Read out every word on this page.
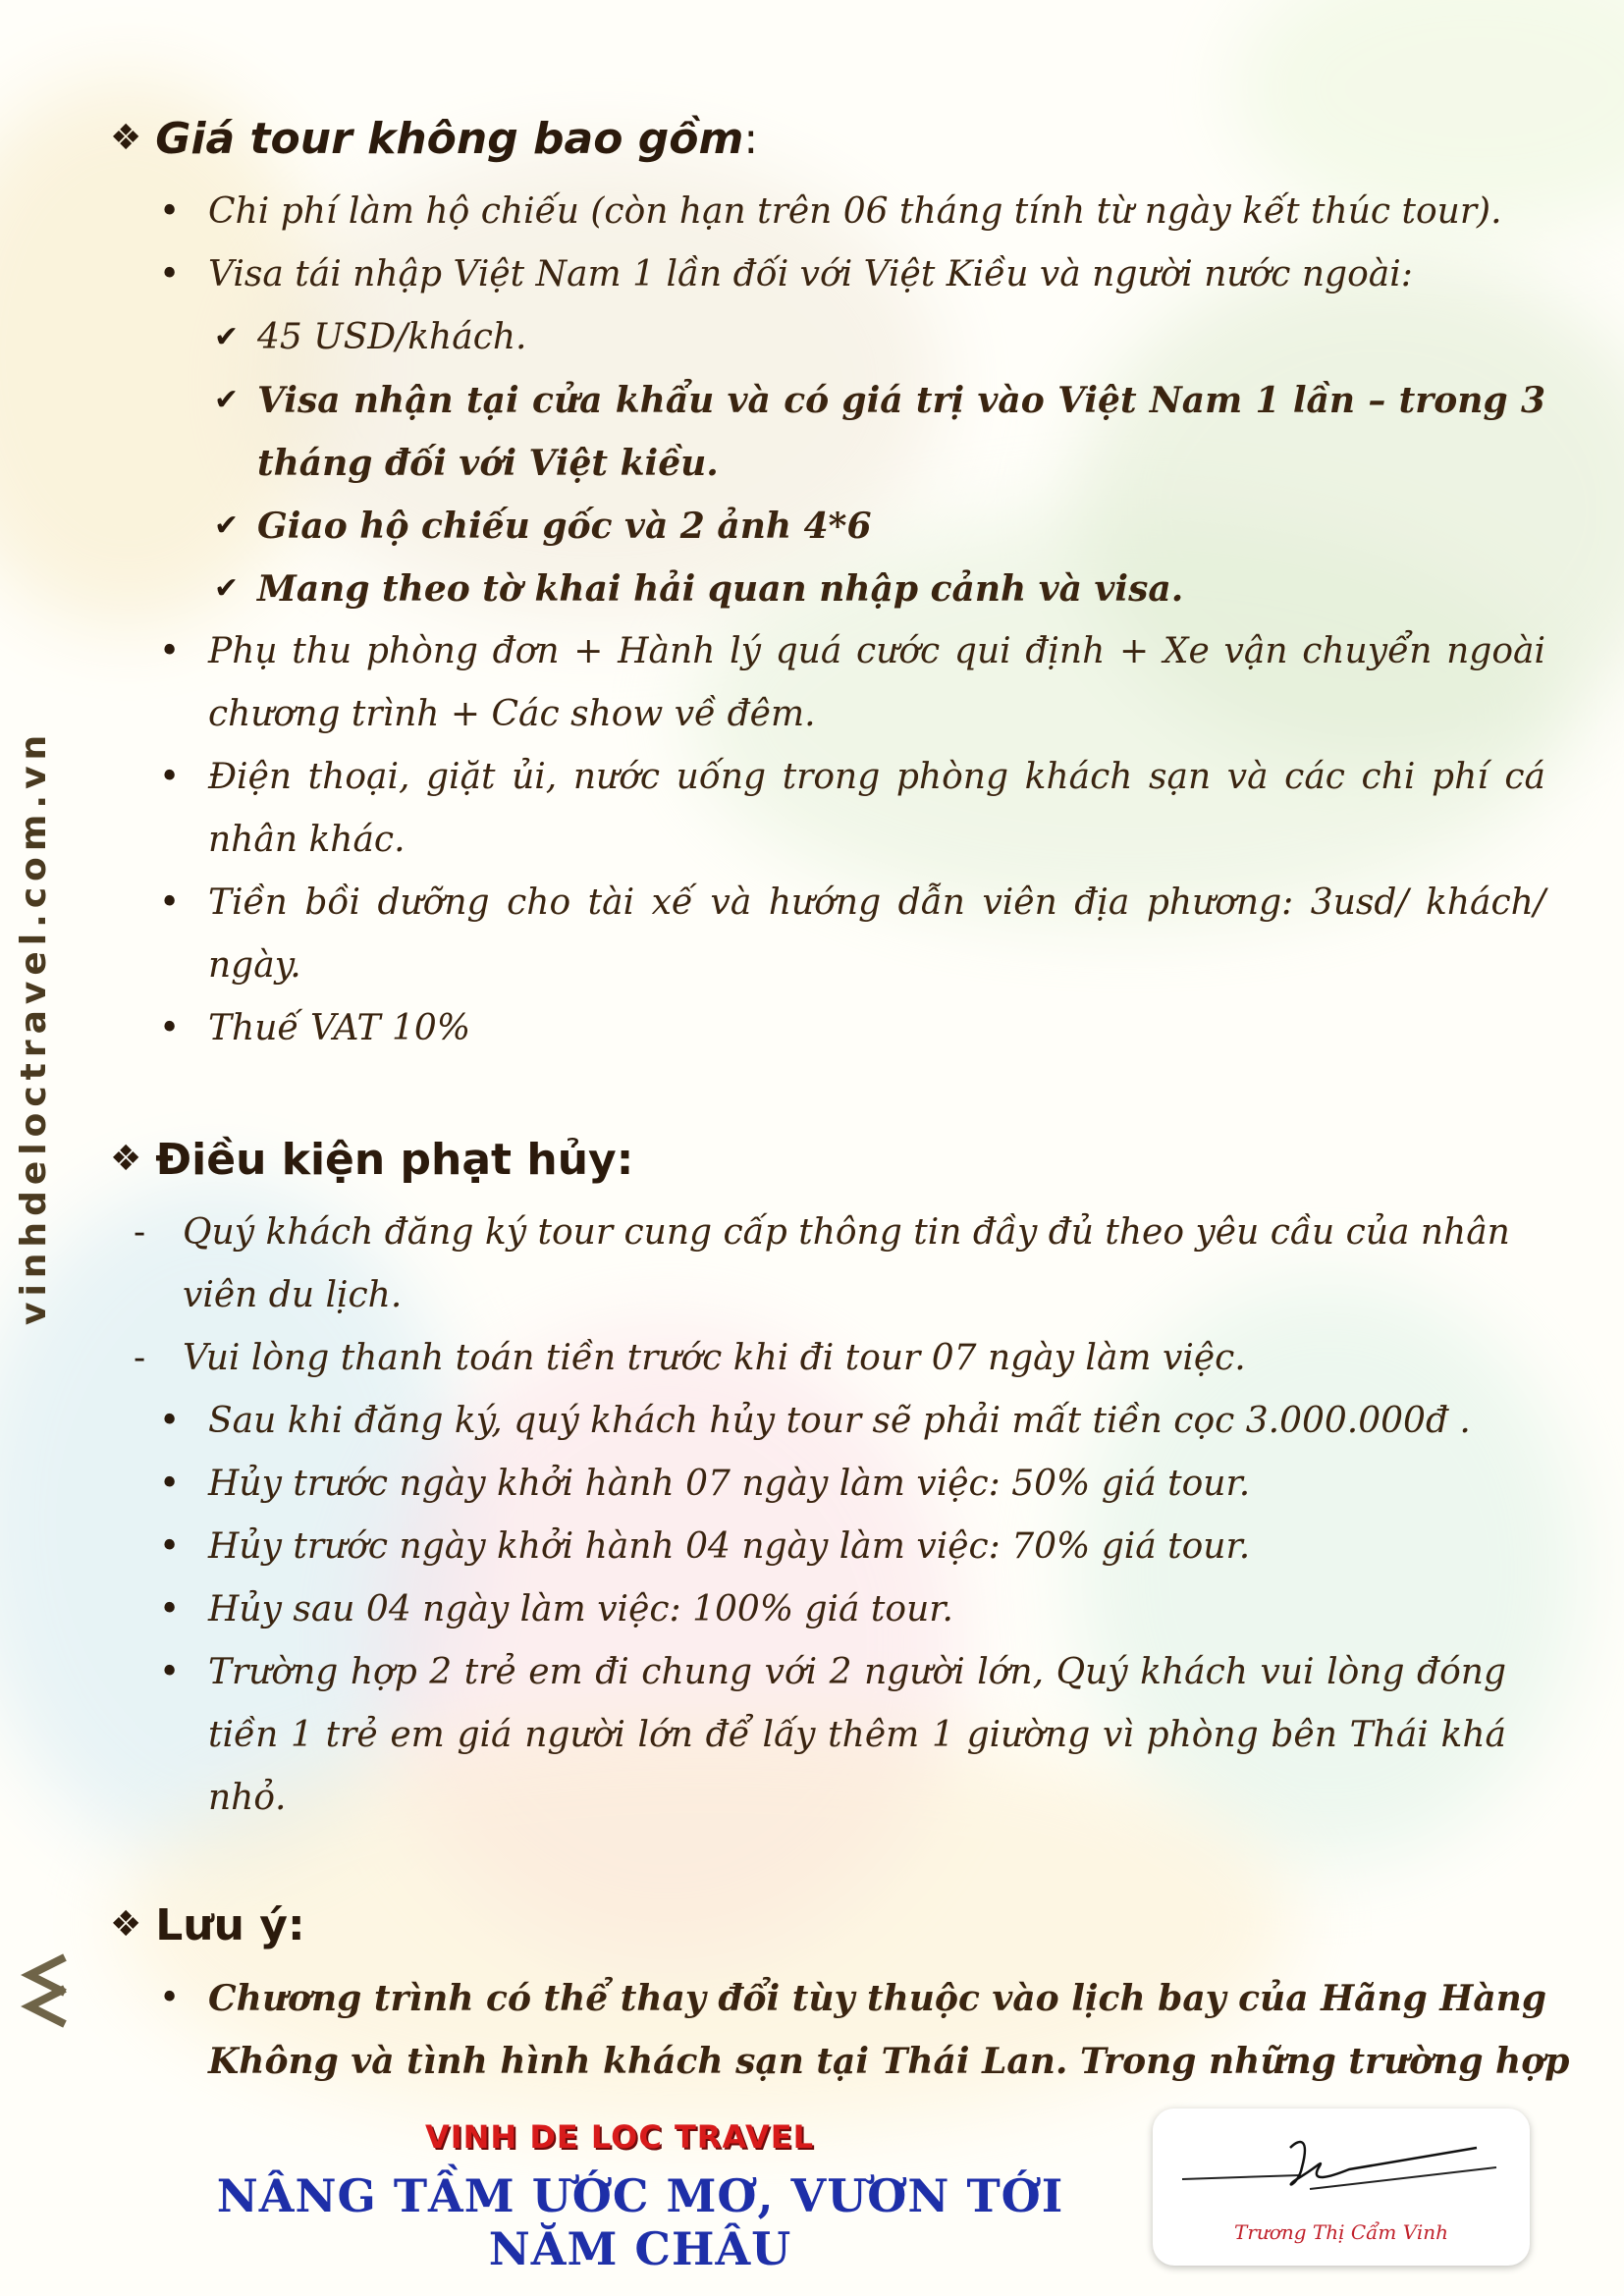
❖ Giá tour không bao gồm:
• Chi phí làm hộ chiếu (còn hạn trên 06 tháng tính từ ngày kết thúc tour).
• Visa tái nhập Việt Nam 1 lần đối với Việt Kiều và người nước ngoài:
✔ 45 USD/khách.
✔ Visa nhận tại cửa khẩu và có giá trị vào Việt Nam 1 lần – trong 3
tháng đối với Việt kiều.
✔ Giao hộ chiếu gốc và 2 ảnh 4*6
✔ Mang theo tờ khai hải quan nhập cảnh và visa.
• Phụ thu phòng đơn + Hành lý quá cước qui định + Xe vận chuyển ngoài
chương trình + Các show về đêm.
• Điện thoại, giặt ủi, nước uống trong phòng khách sạn và các chi phí cá
nhân khác.
• Tiền bồi dưỡng cho tài xế và hướng dẫn viên địa phương: 3usd/ khách/
ngày.
• Thuế VAT 10%
❖ Điều kiện phạt hủy:
- Quý khách đăng ký tour cung cấp thông tin đầy đủ theo yêu cầu của nhân
viên du lịch.
- Vui lòng thanh toán tiền trước khi đi tour 07 ngày làm việc.
• Sau khi đăng ký, quý khách hủy tour sẽ phải mất tiền cọc 3.000.000đ .
• Hủy trước ngày khởi hành 07 ngày làm việc: 50% giá tour.
• Hủy trước ngày khởi hành 04 ngày làm việc: 70% giá tour.
• Hủy sau 04 ngày làm việc: 100% giá tour.
• Trường hợp 2 trẻ em đi chung với 2 người lớn, Quý khách vui lòng đóng
tiền 1 trẻ em giá người lớn để lấy thêm 1 giường vì phòng bên Thái khá
nhỏ.
❖ Lưu ý:
• Chương trình có thể thay đổi tùy thuộc vào lịch bay của Hãng Hàng
Không và tình hình khách sạn tại Thái Lan. Trong những trường hợp
vinhdeloctravel.com.vn
VINH DE LOC TRAVEL
NÂNG TẦM ƯỚC MƠ, VƯƠN TỚI NĂM CHÂU	Trương Thị Cẩm Vinh
